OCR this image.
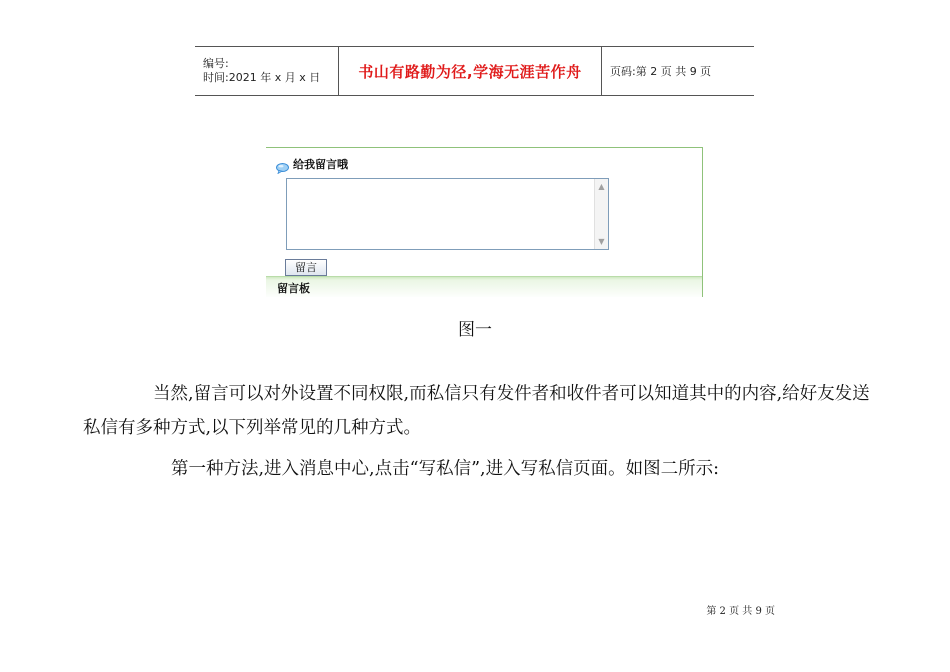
编号:
时间:2021 年 x 月 x 日	书山有路勤为径,学海无涯苦作舟	页码:第 2 页 共 9 页
给我留言哦
▲
▼
留言
留言板
图一

当然,留言可以对外设置不同权限,而私信只有发件者和收件者可以知道其中的内容,给好友发送私信有多种方式,以下列举常见的几种方式。

第一种方法,进入消息中心,点击“写私信”,进入写私信页面。如图二所示:

第 2 页 共 9 页
